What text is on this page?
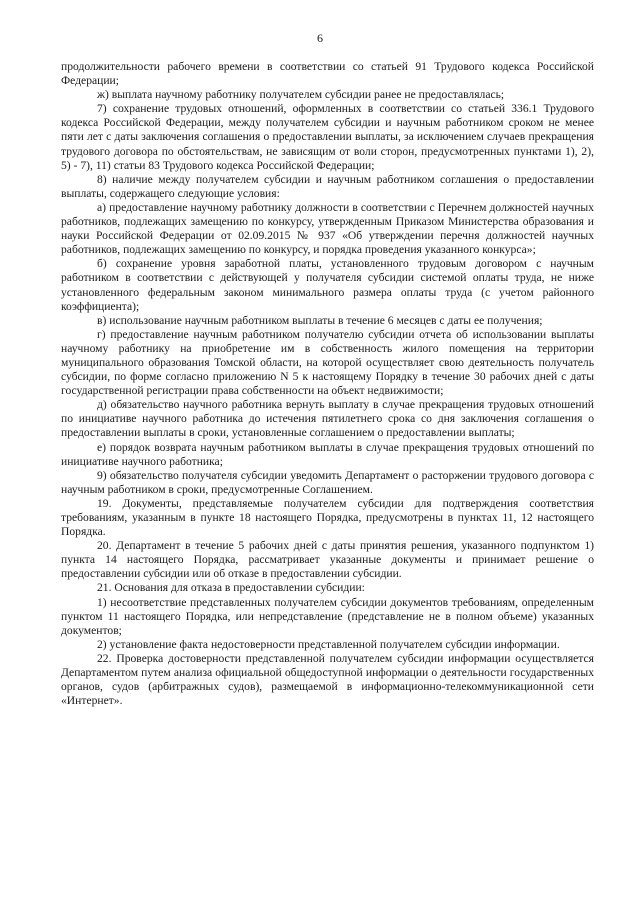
6

продолжительности рабочего времени в соответствии со статьей 91 Трудового кодекса Российской Федерации;

ж) выплата научному работнику получателем субсидии ранее не предоставлялась;

7) сохранение трудовых отношений, оформленных в соответствии со статьей 336.1 Трудового кодекса Российской Федерации, между получателем субсидии и научным работником сроком не менее пяти лет с даты заключения соглашения о предоставлении выплаты, за исключением случаев прекращения трудового договора по обстоятельствам, не зависящим от воли сторон, предусмотренных пунктами 1), 2), 5) - 7), 11) статьи 83 Трудового кодекса Российской Федерации;

8) наличие между получателем субсидии и научным работником соглашения о предоставлении выплаты, содержащего следующие условия:

а) предоставление научному работнику должности в соответствии с Перечнем должностей научных работников, подлежащих замещению по конкурсу, утвержденным Приказом Министерства образования и науки Российской Федерации от 02.09.2015 № 937 «Об утверждении перечня должностей научных работников, подлежащих замещению по конкурсу, и порядка проведения указанного конкурса»;

б) сохранение уровня заработной платы, установленного трудовым договором с научным работником в соответствии с действующей у получателя субсидии системой оплаты труда, не ниже установленного федеральным законом минимального размера оплаты труда (с учетом районного коэффициента);

в) использование научным работником выплаты в течение 6 месяцев с даты ее получения;

г) предоставление научным работником получателю субсидии отчета об использовании выплаты научному работнику на приобретение им в собственность жилого помещения на территории муниципального образования Томской области, на которой осуществляет свою деятельность получатель субсидии, по форме согласно приложению N 5 к настоящему Порядку в течение 30 рабочих дней с даты государственной регистрации права собственности на объект недвижимости;

д) обязательство научного работника вернуть выплату в случае прекращения трудовых отношений по инициативе научного работника до истечения пятилетнего срока со дня заключения соглашения о предоставлении выплаты в сроки, установленные соглашением о предоставлении выплаты;

е) порядок возврата научным работником выплаты в случае прекращения трудовых отношений по инициативе научного работника;

9) обязательство получателя субсидии уведомить Департамент о расторжении трудового договора с научным работником в сроки, предусмотренные Соглашением.

19. Документы, представляемые получателем субсидии для подтверждения соответствия требованиям, указанным в пункте 18 настоящего Порядка, предусмотрены в пунктах 11, 12 настоящего Порядка.

20. Департамент в течение 5 рабочих дней с даты принятия решения, указанного подпунктом 1) пункта 14 настоящего Порядка, рассматривает указанные документы и принимает решение о предоставлении субсидии или об отказе в предоставлении субсидии.

21. Основания для отказа в предоставлении субсидии:

1) несоответствие представленных получателем субсидии документов требованиям, определенным пунктом 11 настоящего Порядка, или непредставление (представление не в полном объеме) указанных документов;

2) установление факта недостоверности представленной получателем субсидии информации.

22. Проверка достоверности представленной получателем субсидии информации осуществляется Департаментом путем анализа официальной общедоступной информации о деятельности государственных органов, судов (арбитражных судов), размещаемой в информационно-телекоммуникационной сети «Интернет».
